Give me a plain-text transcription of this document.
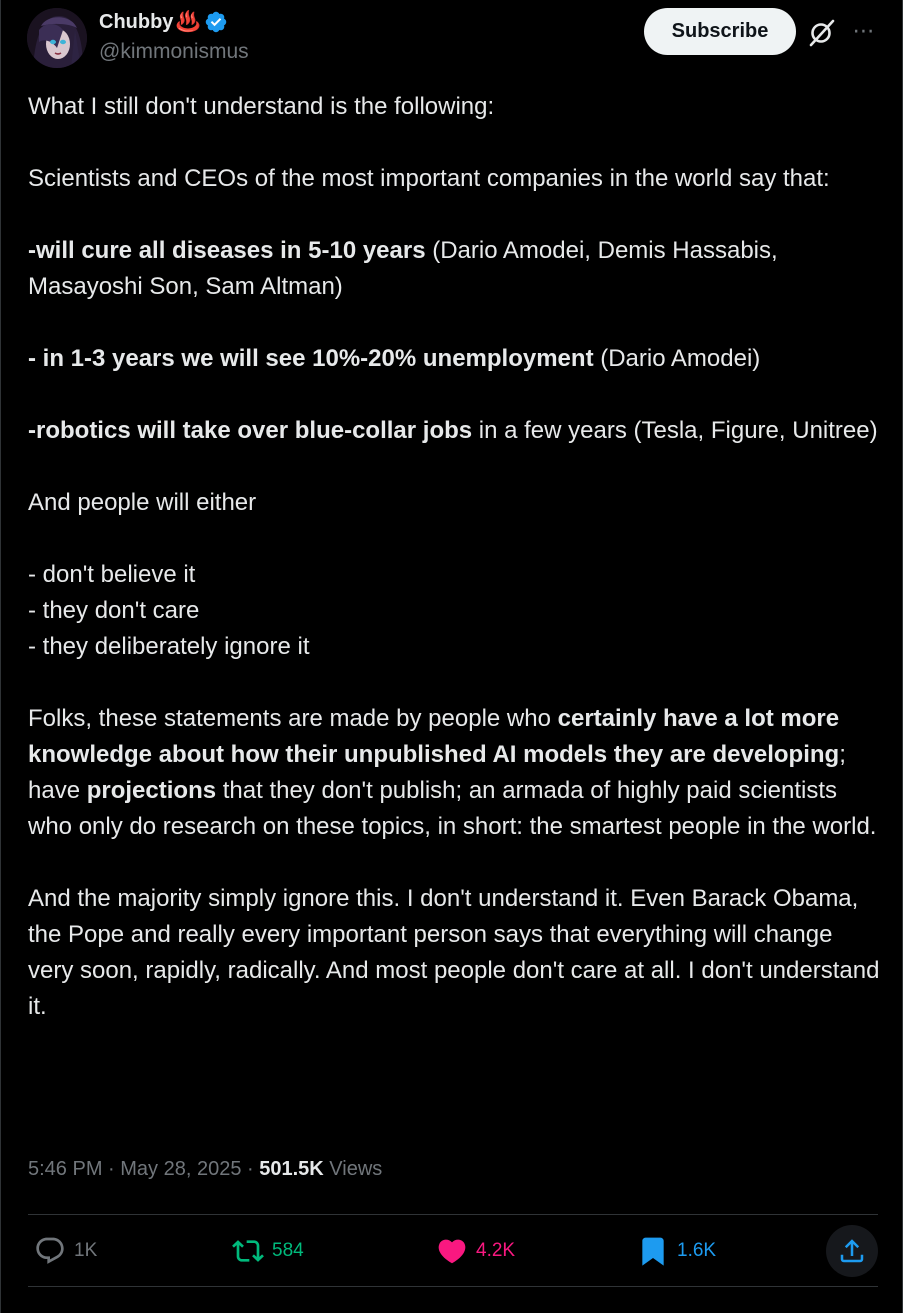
Chubby ♨️
@kimmonismus
Subscribe	⋯

What I still don't understand is the following:

Scientists and CEOs of the most important companies in the world say that:

-will cure all diseases in 5-10 years (Dario Amodei, Demis Hassabis, Masayoshi Son, Sam Altman)

- in 1-3 years we will see 10%-20% unemployment (Dario Amodei)

-robotics will take over blue-collar jobs in a few years (Tesla, Figure, Unitree)

And people will either

- don't believe it

- they don't care

- they deliberately ignore it

Folks, these statements are made by people who certainly have a lot more knowledge about how their unpublished AI models they are developing; have projections that they don't publish; an armada of highly paid scientists who only do research on these topics, in short: the smartest people in the world.

And the majority simply ignore this. I don't understand it. Even Barack Obama, the Pope and really every important person says that everything will change very soon, rapidly, radically. And most people don't care at all. I don't understand it.

5:46 PM · May 28, 2025 · 501.5K Views
1K	584	4.2K	1.6K
